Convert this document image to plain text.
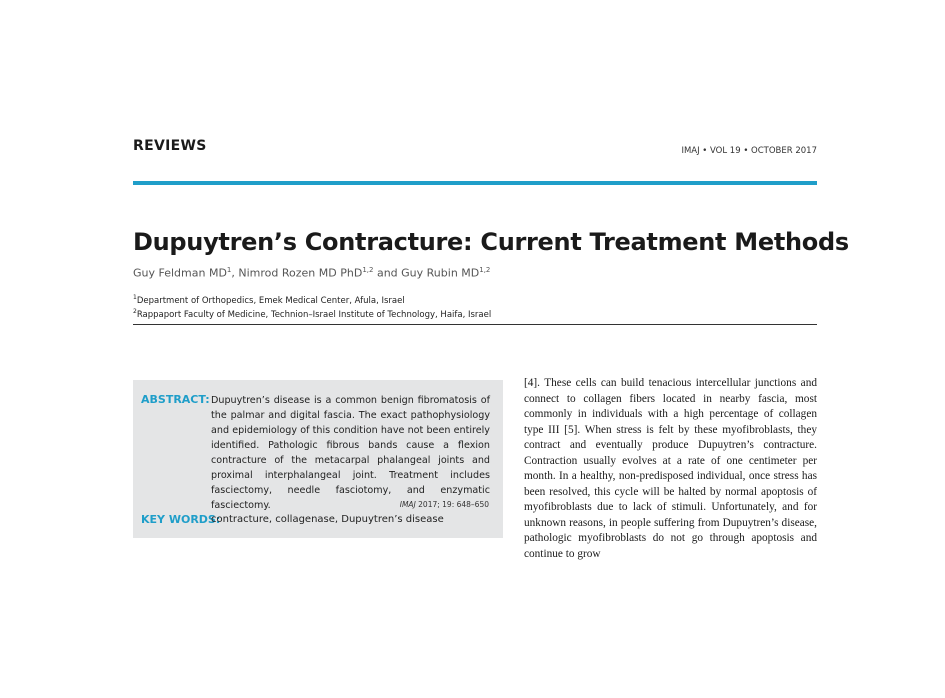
REVIEWS	IMAJ • VOL 19 • OCTOBER 2017
Dupuytren’s Contracture: Current Treatment Methods
Guy Feldman $MD^1$, Nimrod Rozen MD PhD$^{1,2}$ and Guy Rubin MD$^{1,2}$
$^1$Department of Orthopedics, Emek Medical Center, Afula, Israel
$^2$Rappaport Faculty of Medicine, Technion–Israel Institute of Technology, Haifa, Israel
ABSTRACT: Dupuytren’s disease is a common benign fibromatosis of the palmar and digital fascia. The exact pathophysiology and epidemiology of this condition have not been entirely identified. Pathologic fibrous bands cause a flexion contracture of the metacarpal phalangeal joints and proximal interphalangeal joint. Treatment includes fasciectomy, needle fasciotomy, and enzymatic fasciectomy.	IMAJ 2017; 19: 648–650
KEY WORDS:
contracture, collagenase, Dupuytren’s disease

[4]. These cells can build tenacious intercellular junctions and connect to collagen fibers located in nearby fascia, most commonly in individuals with a high percentage of collagen type III [5]. When stress is felt by these myofibroblasts, they contract and eventually produce Dupuytren’s contracture. Contraction usually evolves at a rate of one centimeter per month. In a healthy, non-predisposed individual, once stress has been resolved, this cycle will be halted by normal apoptosis of myofibroblasts due to lack of stimuli. Unfortunately, and for unknown reasons, in people suffering from Dupuytren’s disease, pathologic myofibroblasts do not go through apoptosis and continue to grow
